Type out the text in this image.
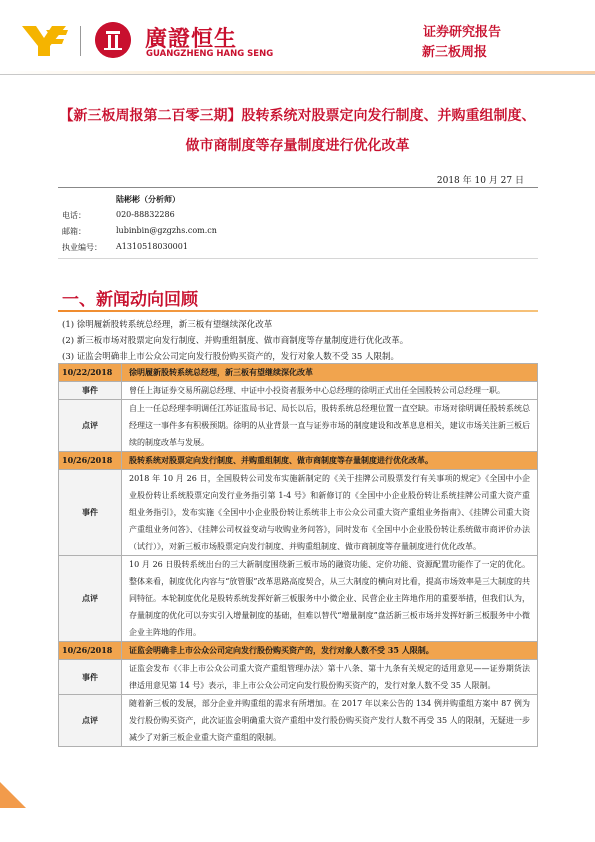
廣證恒生
GUANGZHENG HANG SENG
证券研究报告
新三板周报
【新三板周报第二百零三期】股转系统对股票定向发行制度、并购重组制度、
做市商制度等存量制度进行优化改革
2018 年 10 月 27 日
陆彬彬（分析师）
电话：	020-88832286
邮箱：	lubinbin@gzgzhs.com.cn
执业编号： A1310518030001
一、新闻动向回顾
(1) 徐明履新股转系统总经理，新三板有望继续深化改革
(2) 新三板市场对股票定向发行制度、并购重组制度、做市商制度等存量制度进行优化改革。
(3) 证监会明确非上市公众公司定向发行股份购买资产的，发行对象人数不受 35 人限制。
10/22/2018	徐明履新股转系统总经理，新三板有望继续深化改革
事件	曾任上海证券交易所副总经理、中证中小投资者服务中心总经理的徐明正式出任全国股转公司总经理一职。
点评	自上一任总经理李明调任江苏证监局书记、局长以后，股转系统总经理位置一直空缺。市场对徐明调任股转系统总经理这一事件多有积极预期。徐明的从业背景一直与证券市场的制度建设和改革息息相关，建议市场关注新三板后续的制度改革与发展。
10/26/2018	股转系统对股票定向发行制度、并购重组制度、做市商制度等存量制度进行优化改革。
事件	2018 年 10 月 26 日，全国股转公司发布实施新制定的《关于挂牌公司股票发行有关事项的规定》《全国中小企业股份转让系统股票定向发行业务指引第 1-4 号》和新修订的《全国中小企业股份转让系统挂牌公司重大资产重组业务指引》，发布实施《全国中小企业股份转让系统非上市公众公司重大资产重组业务指南》、《挂牌公司重大资产重组业务问答》、《挂牌公司权益变动与收购业务问答》，同时发布《全国中小企业股份转让系统做市商评价办法（试行）》，对新三板市场股票定向发行制度、并购重组制度、做市商制度等存量制度进行优化改革。
点评	10 月 26 日股转系统出台的三大新制度围绕新三板市场的融资功能、定价功能、资源配置功能作了一定的优化。整体来看，制度优化内容与“放管服”改革思路高度契合，从三大制度的横向对比看，提高市场效率是三大制度的共同特征。本轮制度优化是股转系统发挥好新三板服务中小微企业、民营企业主阵地作用的重要举措，但我们认为，存量制度的优化可以夯实引入增量制度的基础，但难以替代“增量制度”盘活新三板市场并发挥好新三板服务中小微企业主阵地的作用。
10/26/2018	证监会明确非上市公众公司定向发行股份购买资产的，发行对象人数不受 35 人限制。
事件	证监会发布《〈非上市公众公司重大资产重组管理办法〉第十八条、第十九条有关规定的适用意见——证券期货法律适用意见第 14 号》表示，非上市公众公司定向发行股份购买资产的，发行对象人数不受 35 人限制。
点评	随着新三板的发展，部分企业并购重组的需求有所增加。在 2017 年以来公告的 134 例并购重组方案中 87 例为发行股份购买资产，此次证监会明确重大资产重组中发行股份购买资产发行人数不再受 35 人的限制，无疑进一步减少了对新三板企业重大资产重组的限制。
